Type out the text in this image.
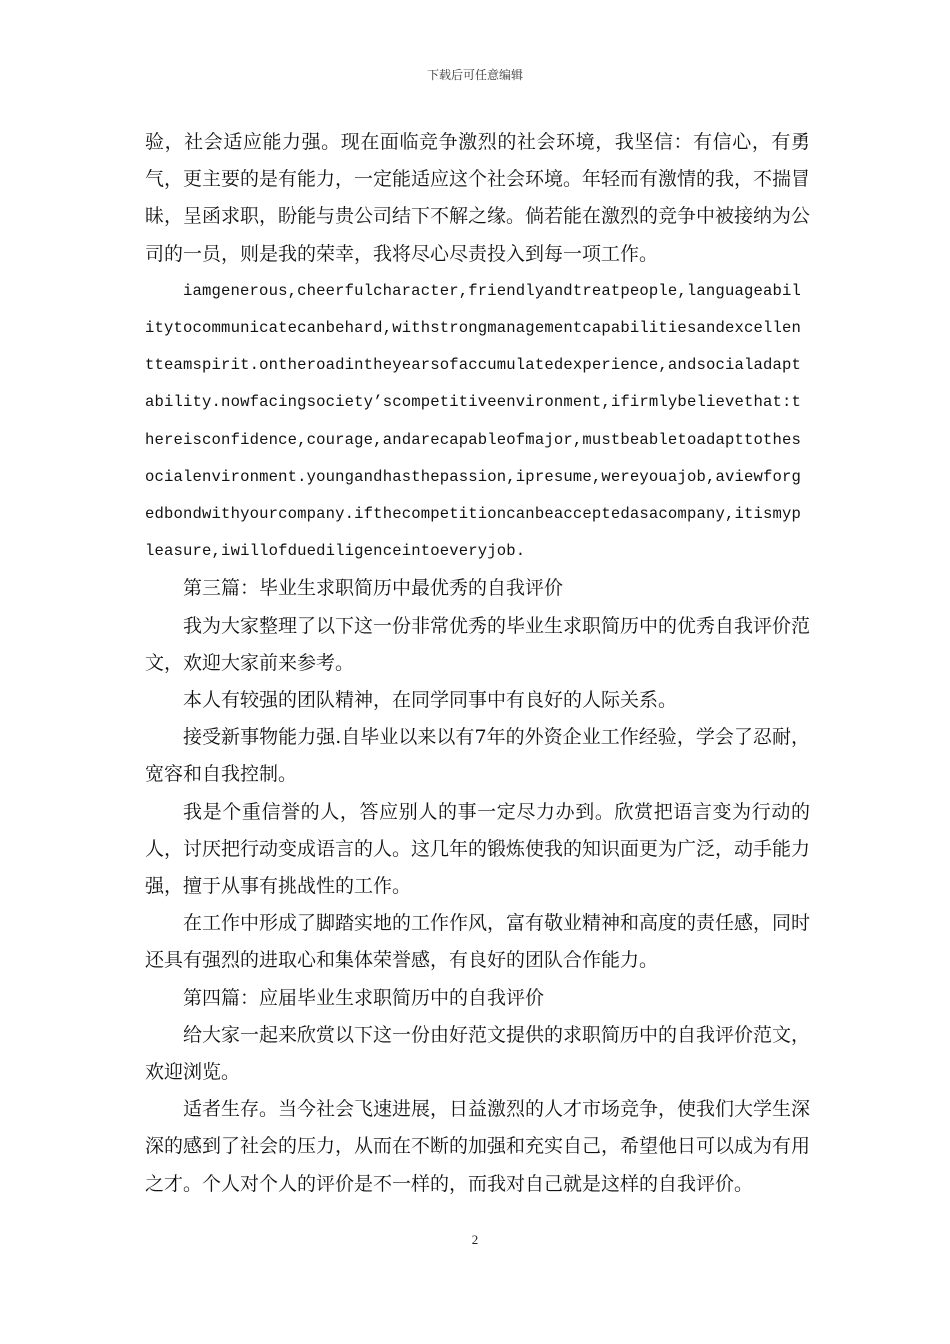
下载后可任意编辑

验，社会适应能力强。现在面临竞争激烈的社会环境，我坚信：有信心，有勇气，更主要的是有能力，一定能适应这个社会环境。年轻而有激情的我，不揣冒昧，呈函求职，盼能与贵公司结下不解之缘。倘若能在激烈的竞争中被接纳为公司的一员，则是我的荣幸，我将尽心尽责投入到每一项工作。

iamgenerous,cheerfulcharacter,friendlyandtreatpeople,languageabilitytocommunicatecanbehard,withstrongmanagementcapabilitiesandexcellentteamspirit.ontheroadintheyearsofaccumulatedexperience,andsocialadaptability.nowfacingsociety’scompetitiveenvironment,ifirmlybelievethat:thereisconfidence,courage,andarecapableofmajor,mustbeabletoadapttothesocialenvironment.youngandhasthepassion,ipresume,wereyouajob,aviewforgedbondwithyourcompany.ifthecompetitioncanbeacceptedasacompany,itismypleasure,iwillofduediligenceintoeveryjob.

第三篇：毕业生求职简历中最优秀的自我评价

我为大家整理了以下这一份非常优秀的毕业生求职简历中的优秀自我评价范文，欢迎大家前来参考。

本人有较强的团队精神，在同学同事中有良好的人际关系。

接受新事物能力强.自毕业以来以有7年的外资企业工作经验，学会了忍耐，宽容和自我控制。

我是个重信誉的人，答应别人的事一定尽力办到。欣赏把语言变为行动的人，讨厌把行动变成语言的人。这几年的锻炼使我的知识面更为广泛，动手能力强，擅于从事有挑战性的工作。

在工作中形成了脚踏实地的工作作风，富有敬业精神和高度的责任感，同时还具有强烈的进取心和集体荣誉感，有良好的团队合作能力。

第四篇：应届毕业生求职简历中的自我评价

给大家一起来欣赏以下这一份由好范文提供的求职简历中的自我评价范文，欢迎浏览。

适者生存。当今社会飞速进展，日益激烈的人才市场竞争，使我们大学生深深的感到了社会的压力，从而在不断的加强和充实自己，希望他日可以成为有用之才。个人对个人的评价是不一样的，而我对自己就是这样的自我评价。

2
